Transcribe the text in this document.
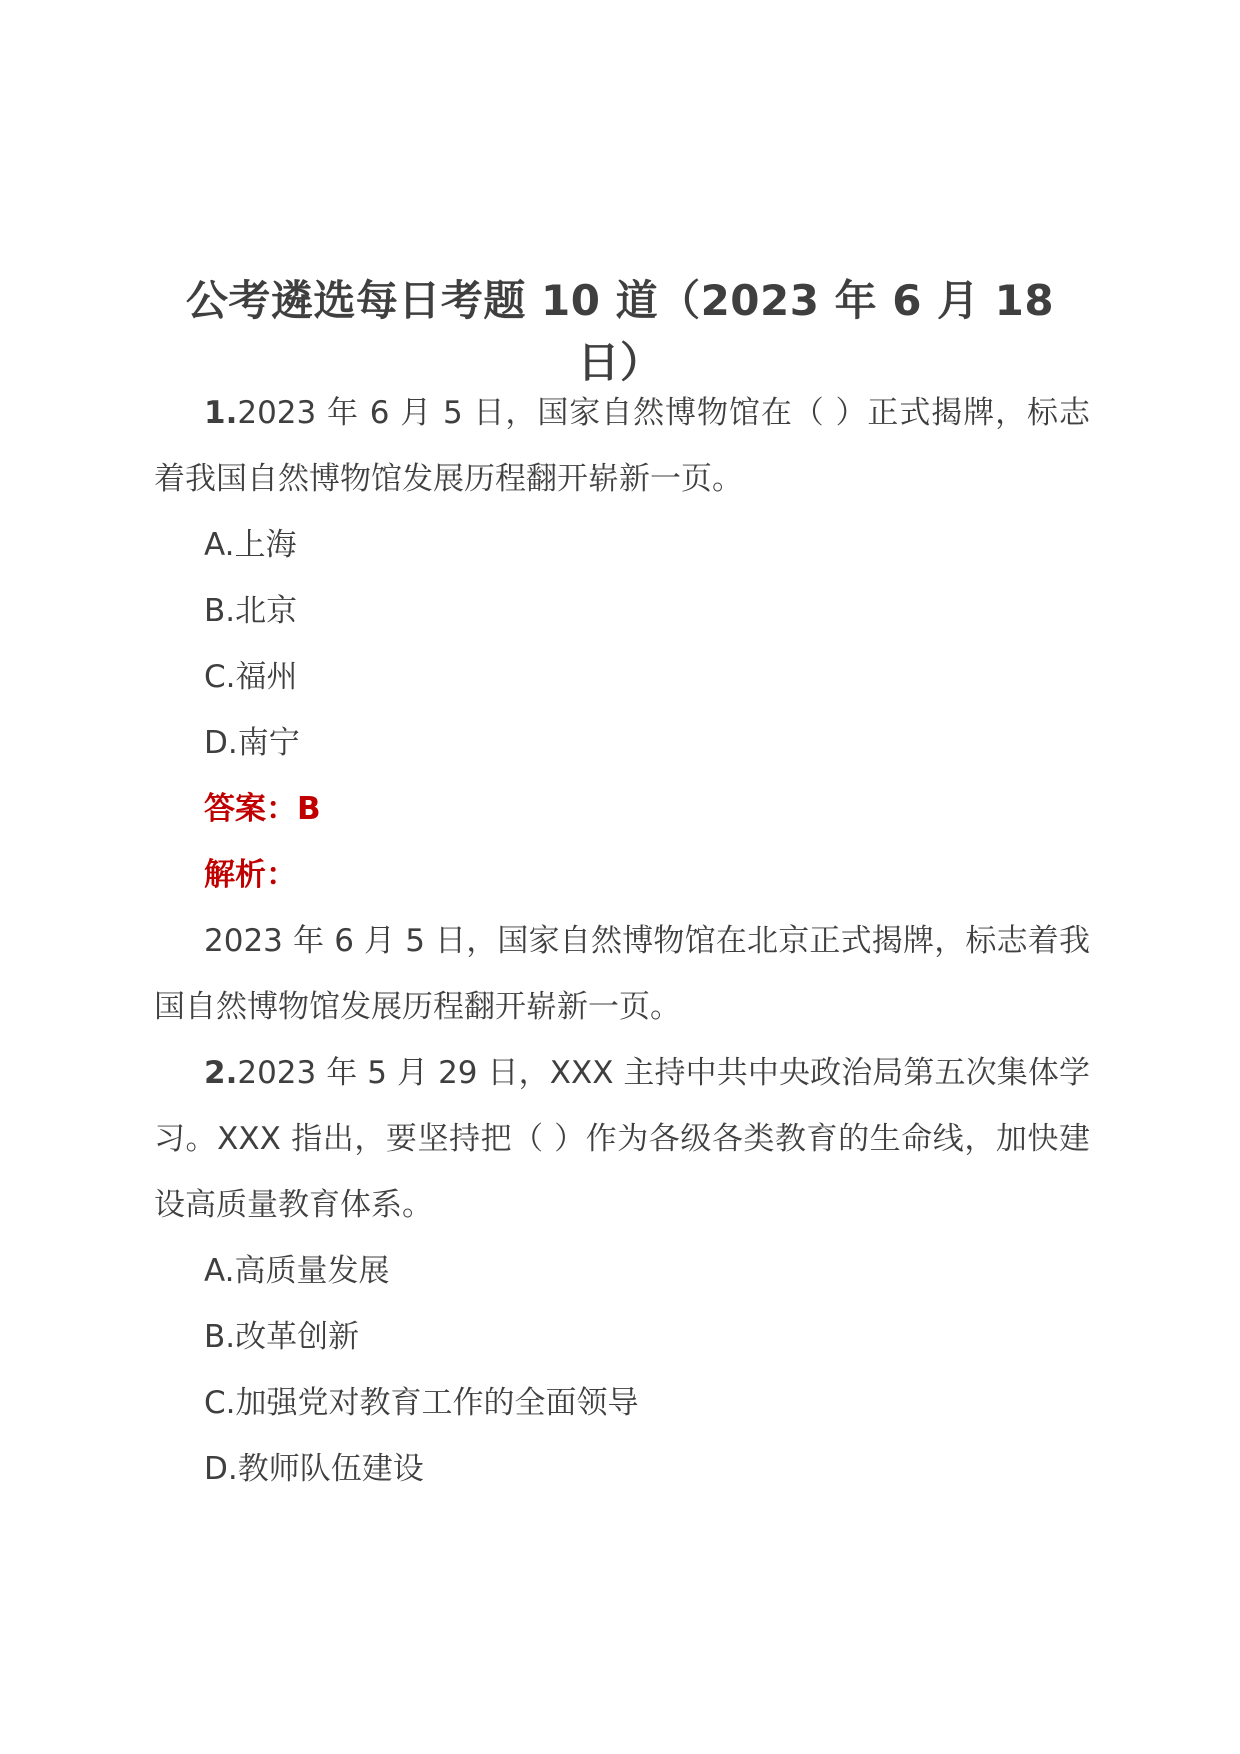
公考遴选每日考题 10 道（2023 年 6 月 18 日）

1.2023 年 6 月 5 日，国家自然博物馆在（ ）正式揭牌，标志着我国自然博物馆发展历程翻开崭新一页。

A.上海

B.北京

C.福州

D.南宁

答案：B

解析：

2023 年 6 月 5 日，国家自然博物馆在北京正式揭牌，标志着我国自然博物馆发展历程翻开崭新一页。

2.2023 年 5 月 29 日，XXX 主持中共中央政治局第五次集体学习。XXX 指出，要坚持把（ ）作为各级各类教育的生命线，加快建设高质量教育体系。

A.高质量发展

B.改革创新

C.加强党对教育工作的全面领导

D.教师队伍建设
